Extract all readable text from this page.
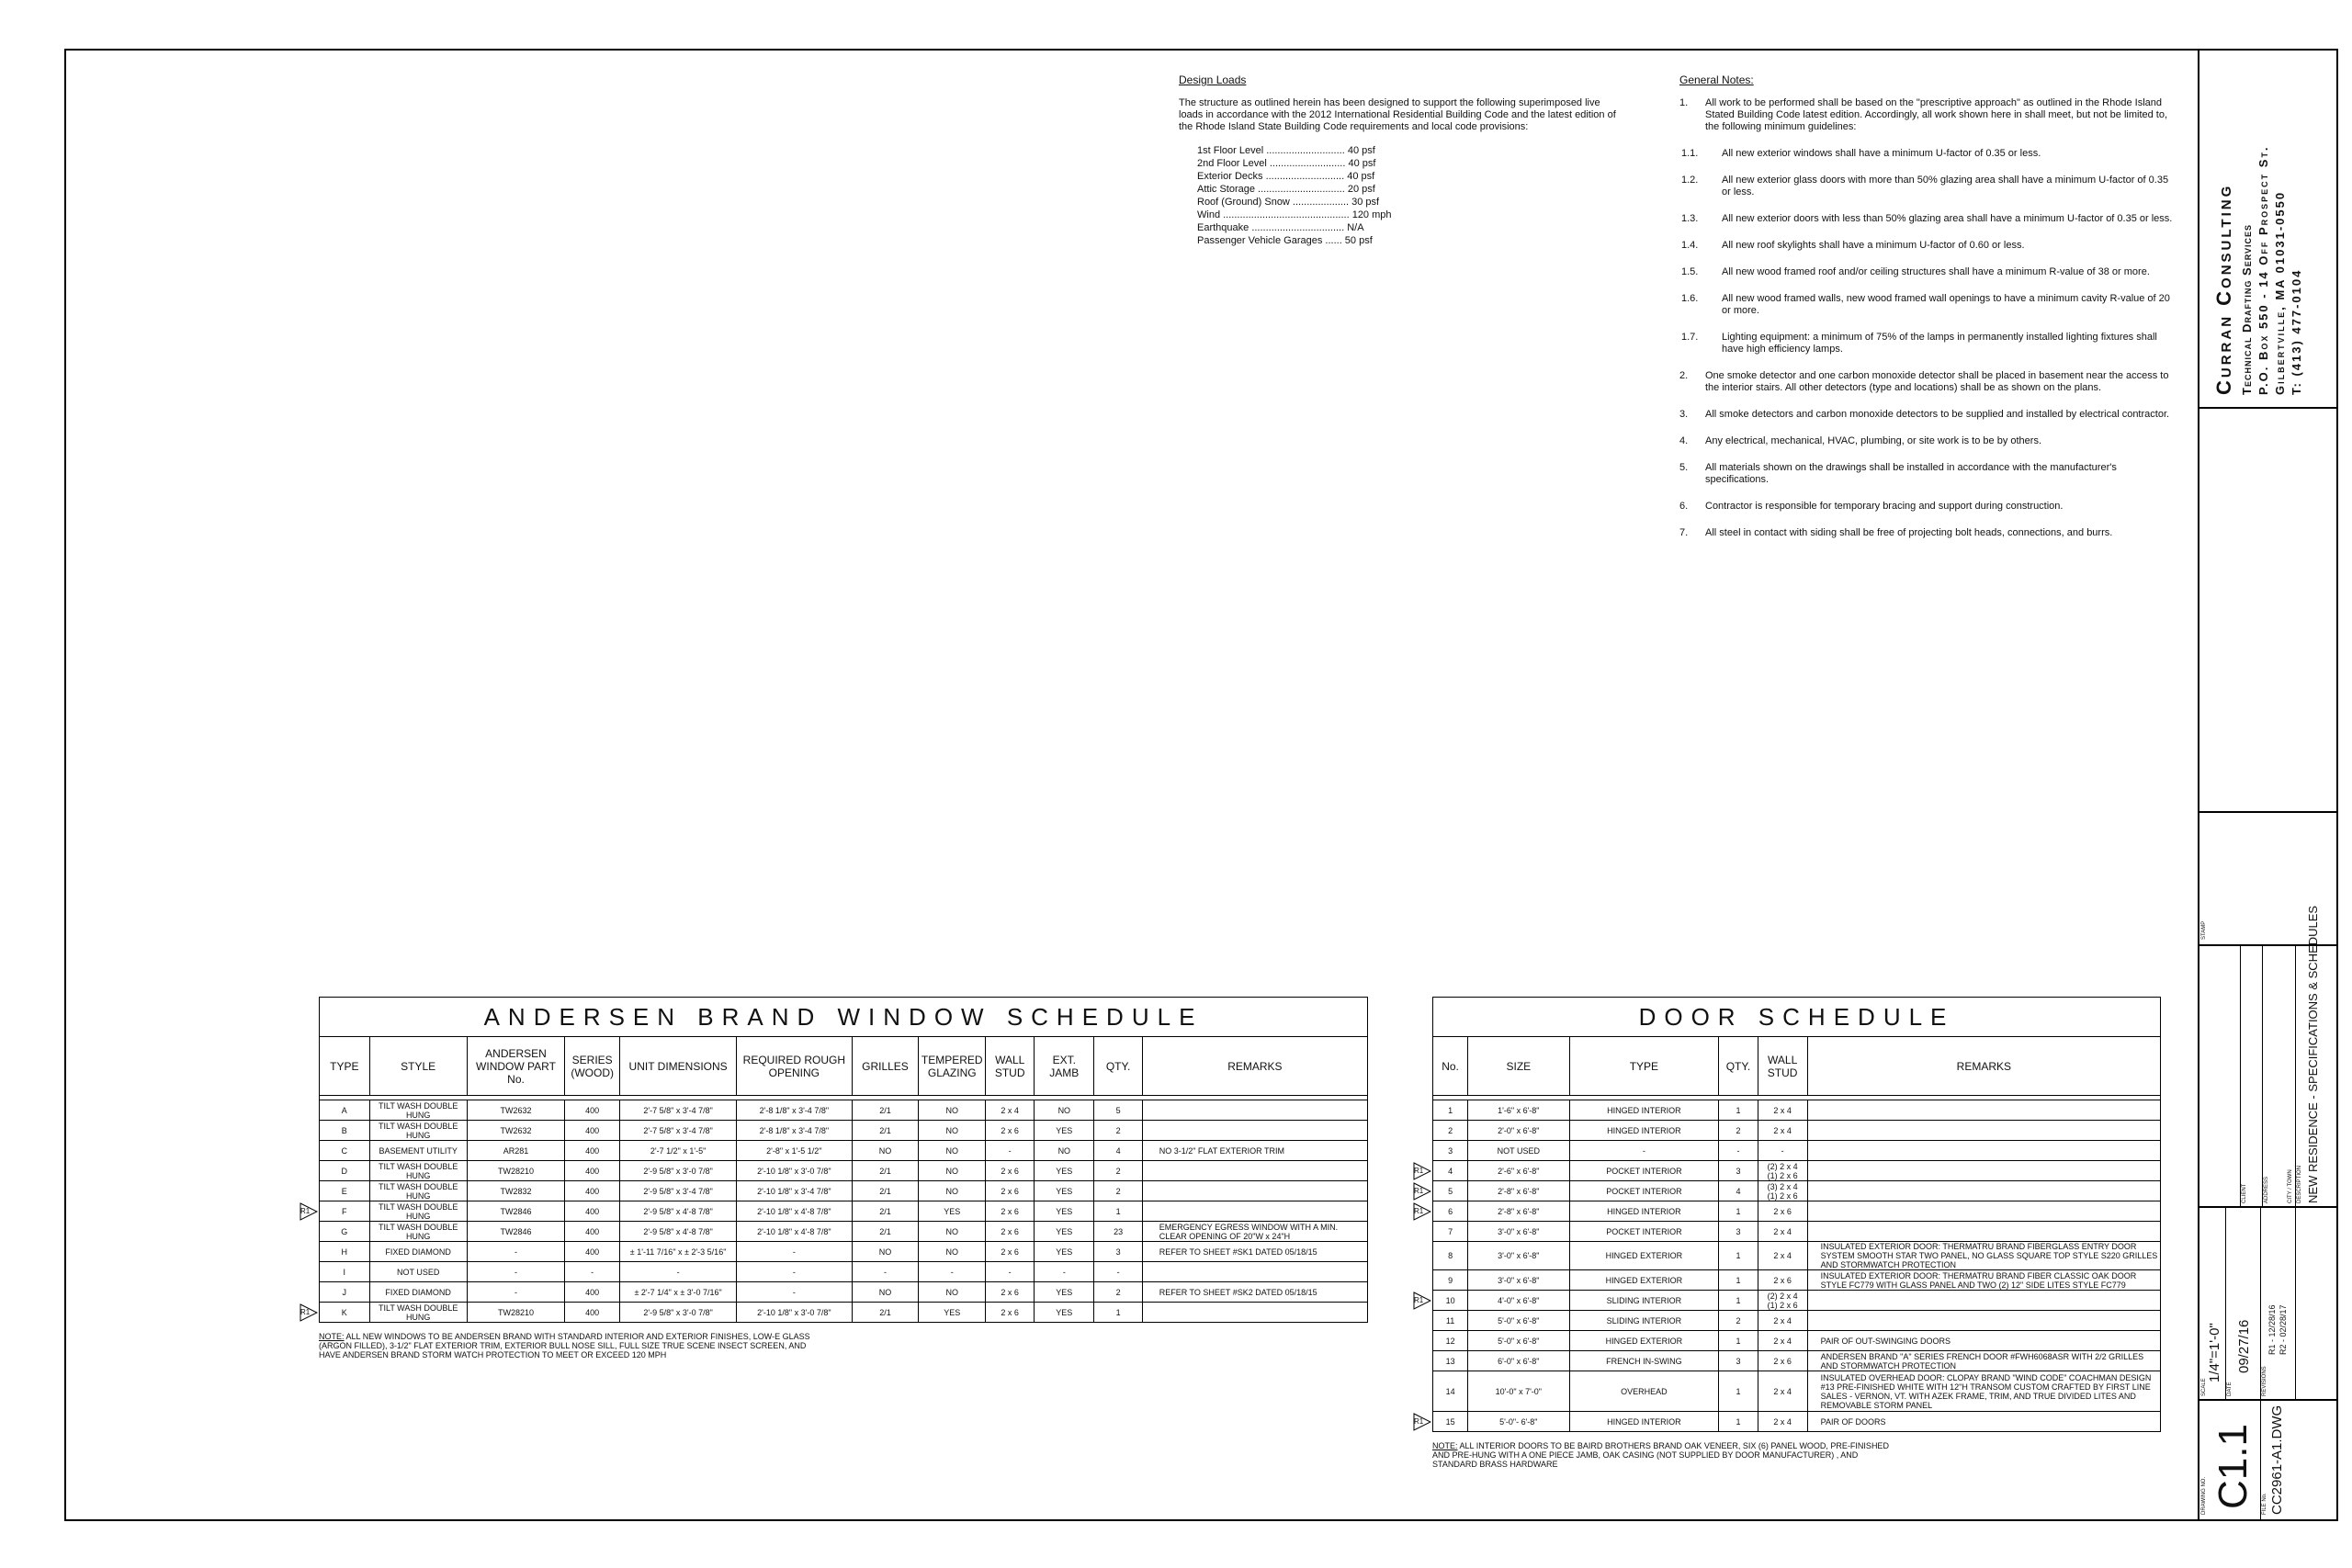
Design Loads
The structure as outlined herein has been designed to support the following superimposed live loads in accordance with the 2012 International Residential Building Code and the latest edition of the Rhode Island State Building Code requirements and local code provisions:
1st Floor Level ............................ 40 psf
2nd Floor Level ........................... 40 psf
Exterior Decks ............................ 40 psf
Attic Storage ............................... 20 psf
Roof (Ground) Snow .................... 30 psf
Wind ............................................. 120 mph
Earthquake ................................. N/A
Passenger Vehicle Garages ...... 50 psf
General Notes:
1.	All work to be performed shall be based on the "prescriptive approach" as outlined in the Rhode Island Stated Building Code latest edition. Accordingly, all work shown here in shall meet, but not be limited to, the following minimum guidelines:
1.1.	All new exterior windows shall have a minimum U-factor of 0.35 or less.
1.2.	All new exterior glass doors with more than 50% glazing area shall have a minimum U-factor of 0.35 or less.
1.3.	All new exterior doors with less than 50% glazing area shall have a minimum U-factor of 0.35 or less.
1.4.	All new roof skylights shall have a minimum U-factor of 0.60 or less.
1.5.	All new wood framed roof and/or ceiling structures shall have a minimum R-value of 38 or more.
1.6.	All new wood framed walls, new wood framed wall openings to have a minimum cavity R-value of 20 or more.
1.7.	Lighting equipment: a minimum of 75% of the lamps in permanently installed lighting fixtures shall have high efficiency lamps.
2.	One smoke detector and one carbon monoxide detector shall be placed in basement near the access to the interior stairs. All other detectors (type and locations) shall be as shown on the plans.
3.	All smoke detectors and carbon monoxide detectors to be supplied and installed by electrical contractor.
4.	Any electrical, mechanical, HVAC, plumbing, or site work is to be by others.
5.	All materials shown on the drawings shall be installed in accordance with the manufacturer's specifications.
6.	Contractor is responsible for temporary bracing and support during construction.
7.	All steel in contact with siding shall be free of projecting bolt heads, connections, and burrs.
Curran Consulting Technical Drafting Services P.O. Box 550 - 14 Off Prospect St. Gilbertville, MA 01031-0550 T: (413) 477-0104
STAMP
CLIENT	ADDRESS	CITY / TOWN DESCRIPTION NEW RESIDENCE - SPECIFICATIONS & SCHEDULES
SCALE
1/4"=1'-0"
DATE
09/27/16
REVISIONS
R1 - 12/28/16 R2 - 02/28/17
DRAWING NO. C1.1 FILE No. CC2961-A1.DWG
ANDERSEN BRAND WINDOW SCHEDULE											
TYPE	STYLE	ANDERSEN WINDOW PART No.	SERIES (WOOD)	UNIT DIMENSIONS	REQUIRED ROUGH OPENING	GRILLES	TEMPERED GLAZING	WALL STUD	EXT. JAMB	QTY.	REMARKS

A	TILT WASH DOUBLE HUNG	TW2632	400	2'-7 5/8" x 3'-4 7/8"	2'-8 1/8" x 3'-4 7/8"	2/1	NO	2 x 4	NO	5	
B	TILT WASH DOUBLE HUNG	TW2632	400	2'-7 5/8" x 3'-4 7/8"	2'-8 1/8" x 3'-4 7/8"	2/1	NO	2 x 6	YES	2	
C	BASEMENT UTILITY	AR281	400	2'-7 1/2" x 1'-5"	2'-8" x 1'-5 1/2"	NO	NO	-	NO	4	NO 3-1/2" FLAT EXTERIOR TRIM
D	TILT WASH DOUBLE HUNG	TW28210	400	2'-9 5/8" x 3'-0 7/8"	2'-10 1/8" x 3'-0 7/8"	2/1	NO	2 x 6	YES	2	
E	TILT WASH DOUBLE HUNG	TW2832	400	2'-9 5/8" x 3'-4 7/8"	2'-10 1/8" x 3'-4 7/8"	2/1	NO	2 x 6	YES	2	
F	TILT WASH DOUBLE HUNG	TW2846	400	2'-9 5/8" x 4'-8 7/8"	2'-10 1/8" x 4'-8 7/8"	2/1	YES	2 x 6	YES	1	
G	TILT WASH DOUBLE HUNG	TW2846	400	2'-9 5/8" x 4'-8 7/8"	2'-10 1/8" x 4'-8 7/8"	2/1	NO	2 x 6	YES	23	EMERGENCY EGRESS WINDOW WITH A MIN. CLEAR OPENING OF 20"W x 24"H
H	FIXED DIAMOND	-	400	± 1'-11 7/16" x ± 2'-3 5/16"	-	NO	NO	2 x 6	YES	3	REFER TO SHEET #SK1 DATED 05/18/15
I	NOT USED	-	-	-	-	-	-	-	-	-	
J	FIXED DIAMOND	-	400	± 2'-7 1/4" x ± 3'-0 7/16"	-	NO	NO	2 x 6	YES	2	REFER TO SHEET #SK2 DATED 05/18/15
K	TILT WASH DOUBLE HUNG	TW28210	400	2'-9 5/8" x 3'-0 7/8"	2'-10 1/8" x 3'-0 7/8"	2/1	YES	2 x 6	YES	1	
NOTE: ALL NEW WINDOWS TO BE ANDERSEN BRAND WITH STANDARD INTERIOR AND EXTERIOR FINISHES, LOW-E GLASS (ARGON FILLED), 3-1/2" FLAT EXTERIOR TRIM, EXTERIOR BULL NOSE SILL, FULL SIZE TRUE SCENE INSECT SCREEN, AND HAVE ANDERSEN BRAND STORM WATCH PROTECTION TO MEET OR EXCEED 120 MPH
DOOR SCHEDULE					
No.	SIZE	TYPE	QTY.	WALL STUD	REMARKS

1	1'-6" x 6'-8"	HINGED INTERIOR	1	2 x 4	
2	2'-0" x 6'-8"	HINGED INTERIOR	2	2 x 4	
3	NOT USED	-	-	-	
4	2'-6" x 6'-8"	POCKET INTERIOR	3	(2) 2 x 4
(1) 2 x 6	
5	2'-8" x 6'-8"	POCKET INTERIOR	4	(3) 2 x 4
(1) 2 x 6	
6	2'-8" x 6'-8"	HINGED INTERIOR	1	2 x 6	
7	3'-0" x 6'-8"	POCKET INTERIOR	3	2 x 4	
8	3'-0" x 6'-8"	HINGED EXTERIOR	1	2 x 4	INSULATED EXTERIOR DOOR: THERMATRU BRAND FIBERGLASS ENTRY DOOR SYSTEM SMOOTH STAR TWO PANEL, NO GLASS SQUARE TOP STYLE S220 GRILLES AND STORMWATCH PROTECTION
9	3'-0" x 6'-8"	HINGED EXTERIOR	1	2 x 6	INSULATED EXTERIOR DOOR: THERMATRU BRAND FIBER CLASSIC OAK DOOR STYLE FC779 WITH GLASS PANEL AND TWO (2) 12" SIDE LITES STYLE FC779
10	4'-0" x 6'-8"	SLIDING INTERIOR	1	(2) 2 x 4
(1) 2 x 6	
11	5'-0" x 6'-8"	SLIDING INTERIOR	2	2 x 4	
12	5'-0" x 6'-8"	HINGED EXTERIOR	1	2 x 4	PAIR OF OUT-SWINGING DOORS
13	6'-0" x 6'-8"	FRENCH IN-SWING	3	2 x 6	ANDERSEN BRAND "A" SERIES FRENCH DOOR #FWH6068ASR WITH 2/2 GRILLES AND STORMWATCH PROTECTION
14	10'-0" x 7'-0"	OVERHEAD	1	2 x 4	INSULATED OVERHEAD DOOR: CLOPAY BRAND "WIND CODE" COACHMAN DESIGN #13 PRE-FINISHED WHITE WITH 12"H TRANSOM CUSTOM CRAFTED BY FIRST LINE SALES - VERNON, VT. WITH AZEK FRAME, TRIM, AND TRUE DIVIDED LITES AND REMOVABLE STORM PANEL
15	5'-0"- 6'-8"	HINGED INTERIOR	1	2 x 4	PAIR OF DOORS
NOTE: ALL INTERIOR DOORS TO BE BAIRD BROTHERS BRAND OAK VENEER, SIX (6) PANEL WOOD, PRE-FINISHED AND PRE-HUNG WITH A ONE PIECE JAMB, OAK CASING (NOT SUPPLIED BY DOOR MANUFACTURER) , AND STANDARD BRASS HARDWARE
R1
R1
R1
R1
R1
R1
R1
